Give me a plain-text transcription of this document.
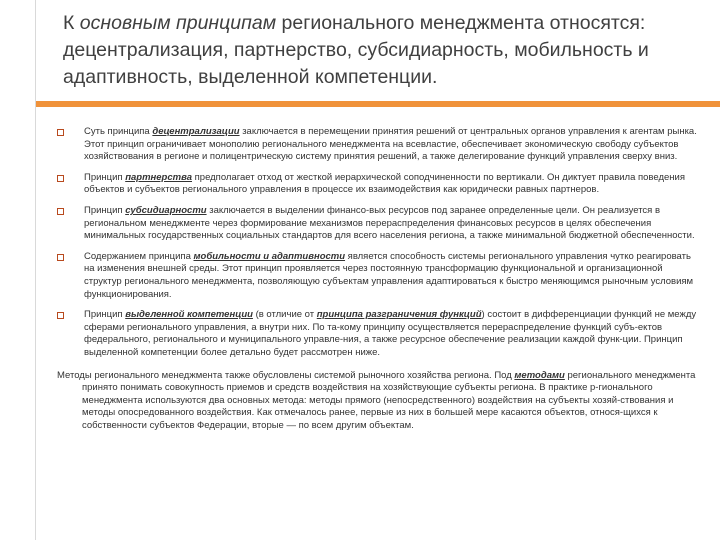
К основным принципам регионального менеджмента относятся: децентрализация, партнерство, субсидиарность, мобильность и адаптивность, выделенной компетенции.
Суть принципа децентрализации заключается в перемещении принятия решений от центральных органов управления к агентам рынка. Этот принцип ограничивает монополию регионального менеджмента на всевластие, обеспечивает экономическую свободу субъектов хозяйствования в регионе и полицентрическую систему принятия решений, а также делегирование функций управления сверху вниз.
Принцип партнерства предполагает отход от жесткой иерархической соподчиненности по вертикали. Он диктует правила поведения объектов и субъектов регионального управления в процессе их взаимодействия как юридически равных партнеров.
Принцип субсидиарности заключается в выделении финансо-вых ресурсов под заранее определенные цели. Он реализуется в региональном менеджменте через формирование механизмов перераспределения финансовых ресурсов в целях обеспечения минимальных государственных социальных стандартов для всего населения региона, а также минимальной бюджетной обеспеченности.
Содержанием принципа мобильности и адаптивности является способность системы регионального управления чутко реагировать на изменения внешней среды. Этот принцип проявляется через постоянную трансформацию функциональной и организационной структур регионального менеджмента, позволяющую субъектам управления адаптироваться к быстро меняющимся рыночным условиям функционирования.
Принцип выделенной компетенции (в отличие от принципа разграничения функций) состоит в дифференциации функций не между сферами регионального управления, а внутри них. По та-кому принципу осуществляется перераспределение функций субъ-ектов федерального, регионального и муниципального управле-ния, а также ресурсное обеспечение реализации каждой функ-ции. Принцип выделенной компетенции более детально будет рассмотрен ниже.

Методы регионального менеджмента также обусловлены системой рыночного хозяйства региона. Под методами регионального менеджмента принято понимать совокупность приемов и средств воздействия на хозяйствующие субъекты региона. В практике р-гионального менеджмента используются два основных метода: методы прямого (непосредственного) воздействия на субъекты хозяй-ствования и методы опосредованного воздействия. Как отмечалось ранее, первые из них в большей мере касаются объектов, относя-щихся к собственности субъектов Федерации, вторые — по всем другим объектам.
